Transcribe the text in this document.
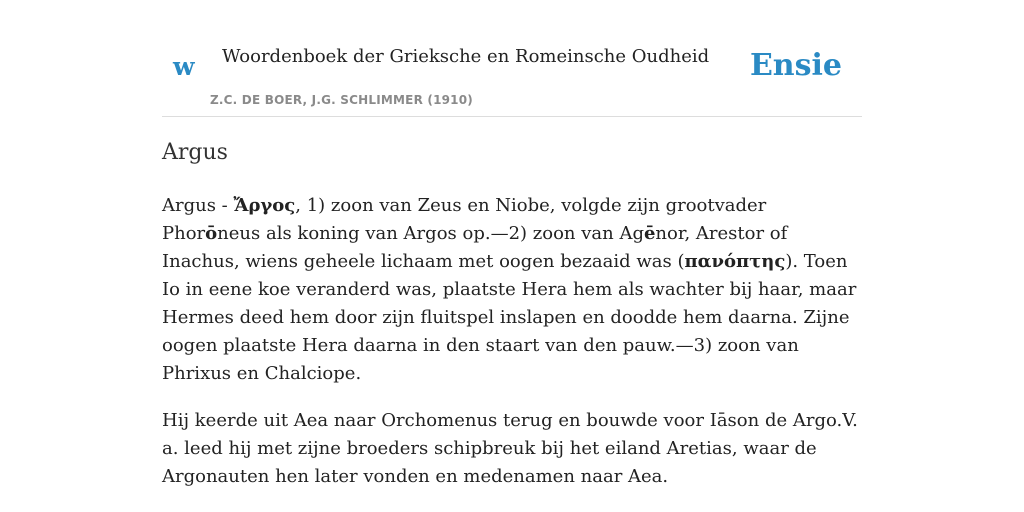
w Woordenboek der Grieksche en Romeinsche Oudheid
Z.C. DE BOER, J.G. SCHLIMMER (1910)
Ensie
Argus

Argus - Ἄργος, 1) zoon van Zeus en Niobe, volgde zijn grootvader Phorōneus als koning van Argos op.—2) zoon van Agēnor, Arestor of Inachus, wiens geheele lichaam met oogen bezaaid was (πανόπτης). Toen Io in eene koe veranderd was, plaatste Hera hem als wachter bij haar, maar Hermes deed hem door zijn fluitspel inslapen en doodde hem daarna. Zijne oogen plaatste Hera daarna in den staart van den pauw.—3) zoon van Phrixus en Chalciope.

Hij keerde uit Aea naar Orchomenus terug en bouwde voor Iāson de Argo.V. a. leed hij met zijne broeders schipbreuk bij het eiland Aretias, waar de Argonauten hen later vonden en medenamen naar Aea.
